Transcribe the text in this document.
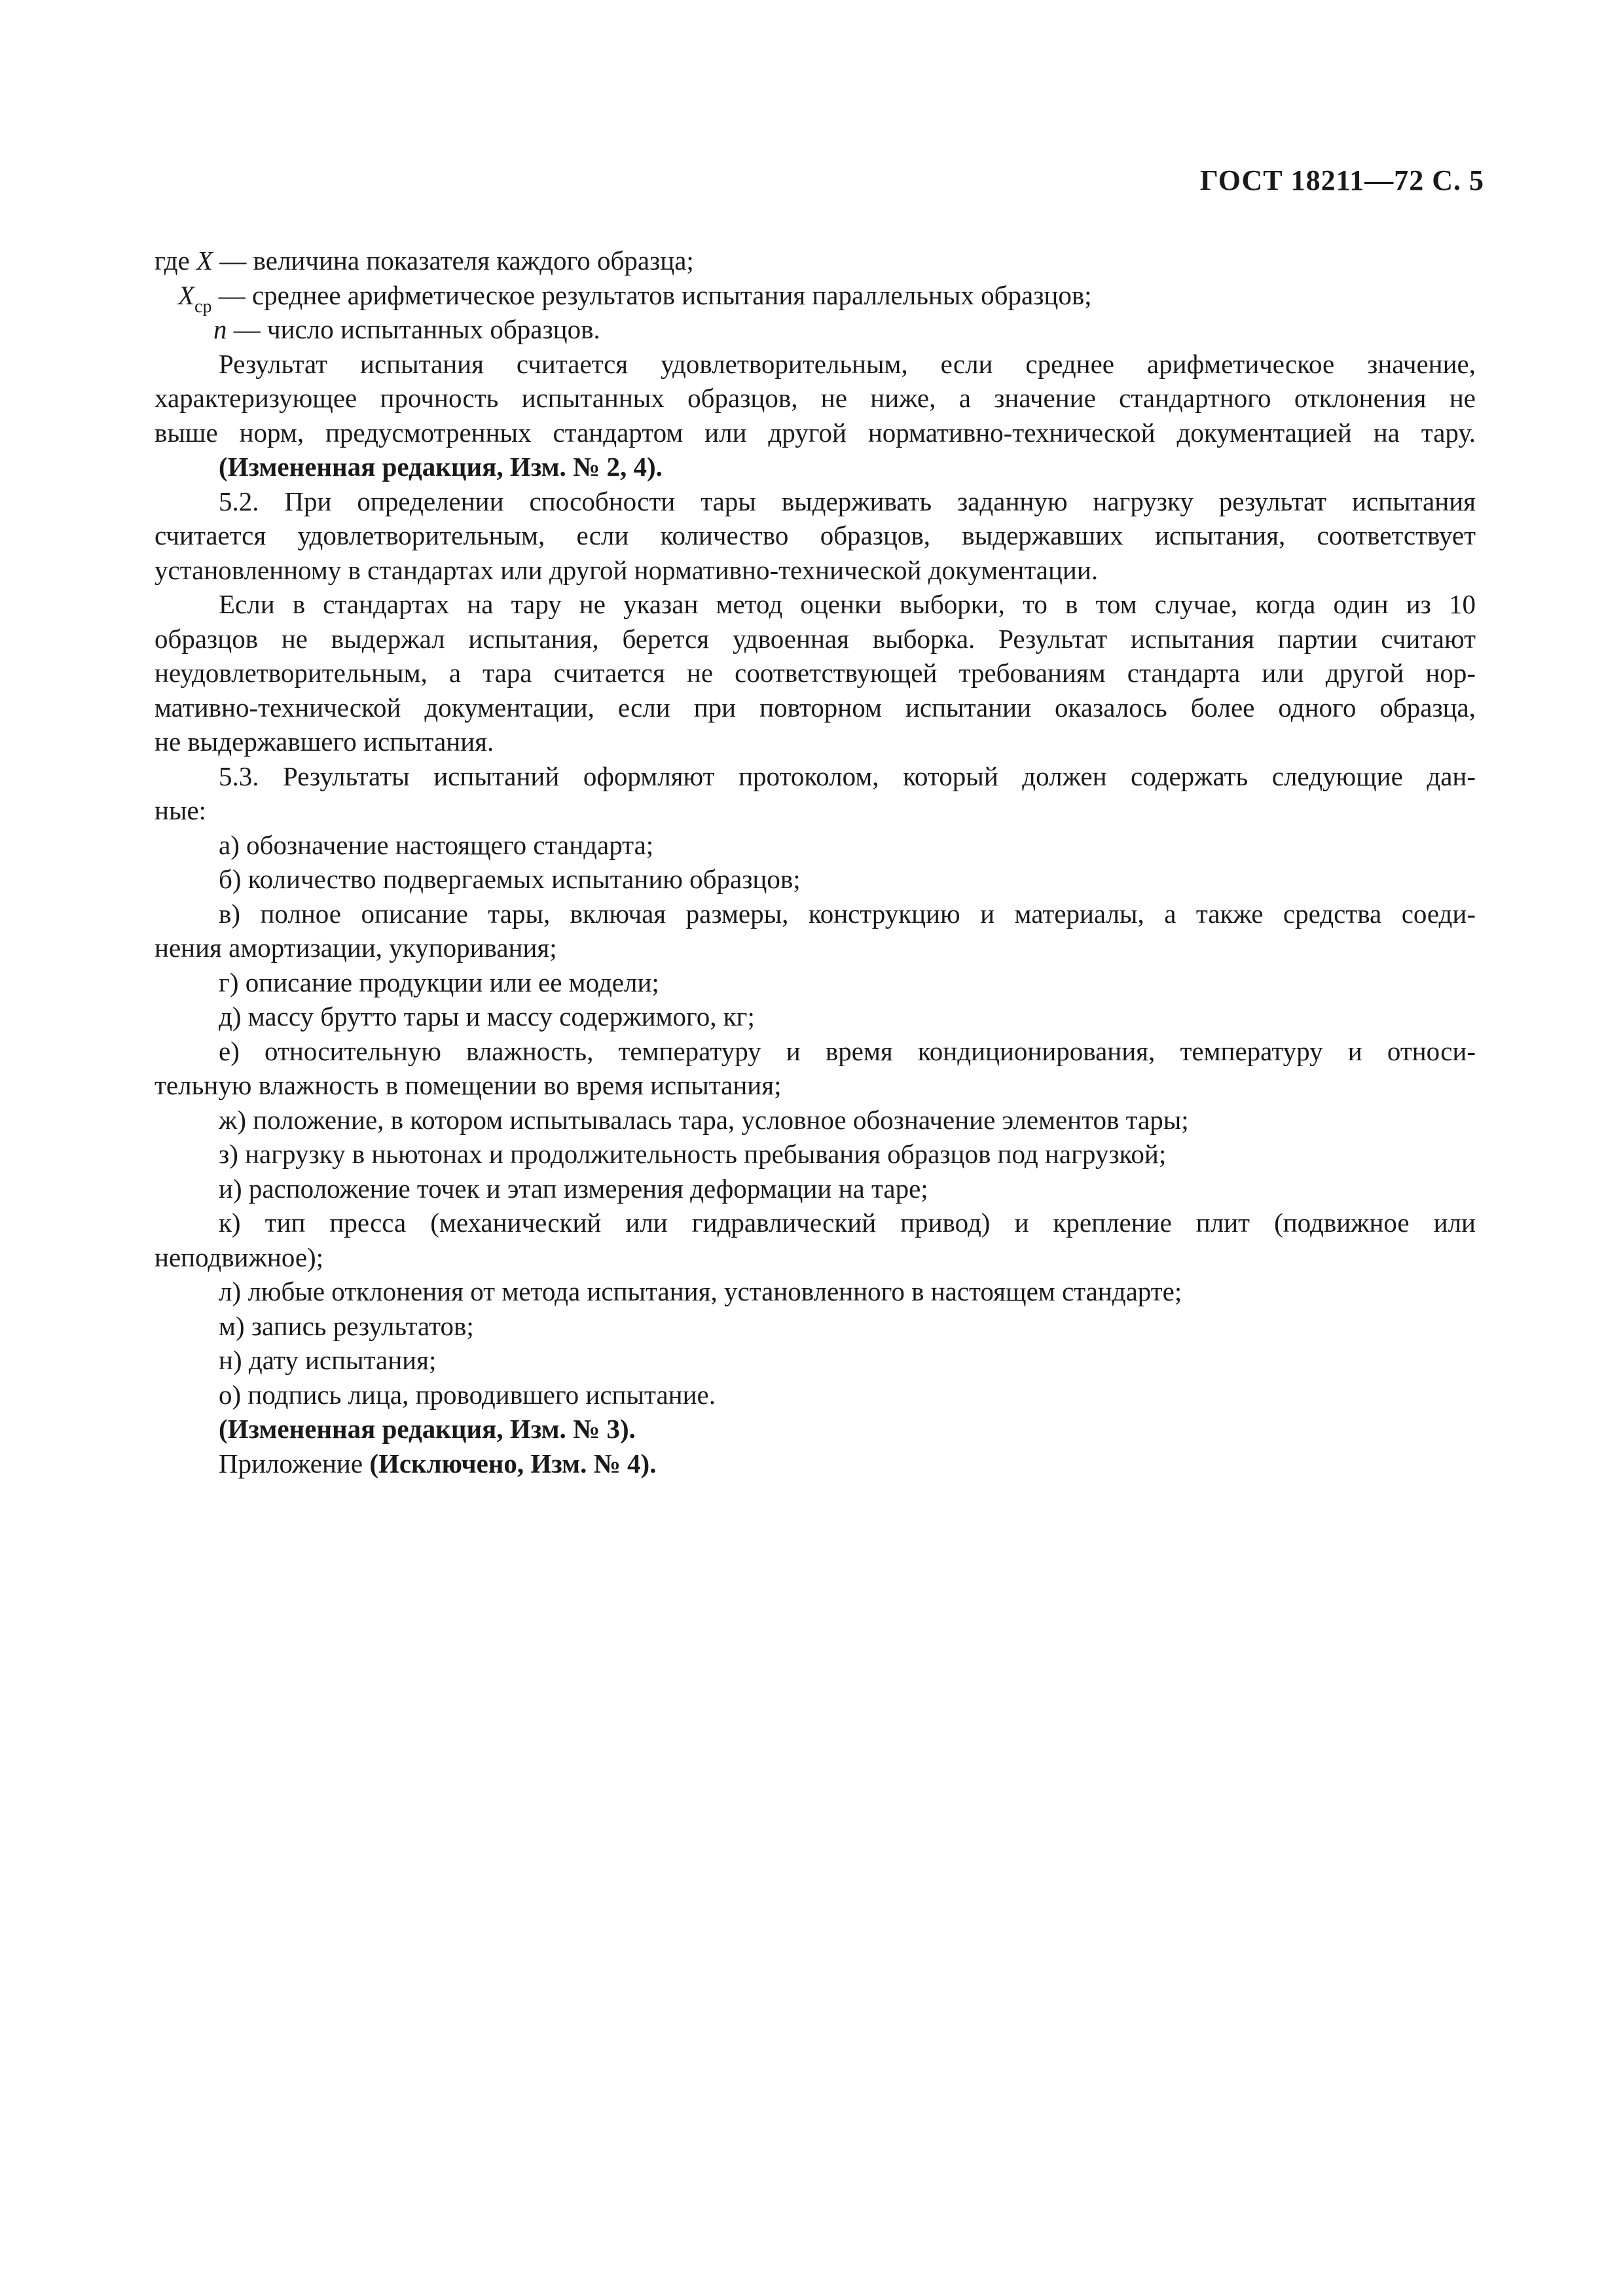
ГОСТ 18211—72 С. 5
где X — величина показателя каждого образца;
$X_{ср}$ — среднее арифметическое результатов испытания параллельных образцов;
n — число испытанных образцов.
Результат испытания считается удовлетворительным, если среднее арифметическое значение,
характеризующее прочность испытанных образцов, не ниже, а значение стандартного отклонения не
выше норм, предусмотренных стандартом или другой нормативно-технической документацией на тару.
(Измененная редакция, Изм. № 2, 4).
5.2. При определении способности тары выдерживать заданную нагрузку результат испытания
считается удовлетворительным, если количество образцов, выдержавших испытания, соответствует
установленному в стандартах или другой нормативно-технической документации.
Если в стандартах на тару не указан метод оценки выборки, то в том случае, когда один из 10
образцов не выдержал испытания, берется удвоенная выборка. Результат испытания партии считают
неудовлетворительным, а тара считается не соответствующей требованиям стандарта или другой нор-
мативно-технической документации, если при повторном испытании оказалось более одного образца,
не выдержавшего испытания.
5.3. Результаты испытаний оформляют протоколом, который должен содержать следующие дан-
ные:
а) обозначение настоящего стандарта;
б) количество подвергаемых испытанию образцов;
в) полное описание тары, включая размеры, конструкцию и материалы, а также средства соеди-
нения амортизации, укупоривания;
г) описание продукции или ее модели;
д) массу брутто тары и массу содержимого, кг;
е) относительную влажность, температуру и время кондиционирования, температуру и относи-
тельную влажность в помещении во время испытания;
ж) положение, в котором испытывалась тара, условное обозначение элементов тары;
з) нагрузку в ньютонах и продолжительность пребывания образцов под нагрузкой;
и) расположение точек и этап измерения деформации на таре;
к) тип пресса (механический или гидравлический привод) и крепление плит (подвижное или
неподвижное);
л) любые отклонения от метода испытания, установленного в настоящем стандарте;
м) запись результатов;
н) дату испытания;
о) подпись лица, проводившего испытание.
(Измененная редакция, Изм. № 3).
Приложение (Исключено, Изм. № 4).
